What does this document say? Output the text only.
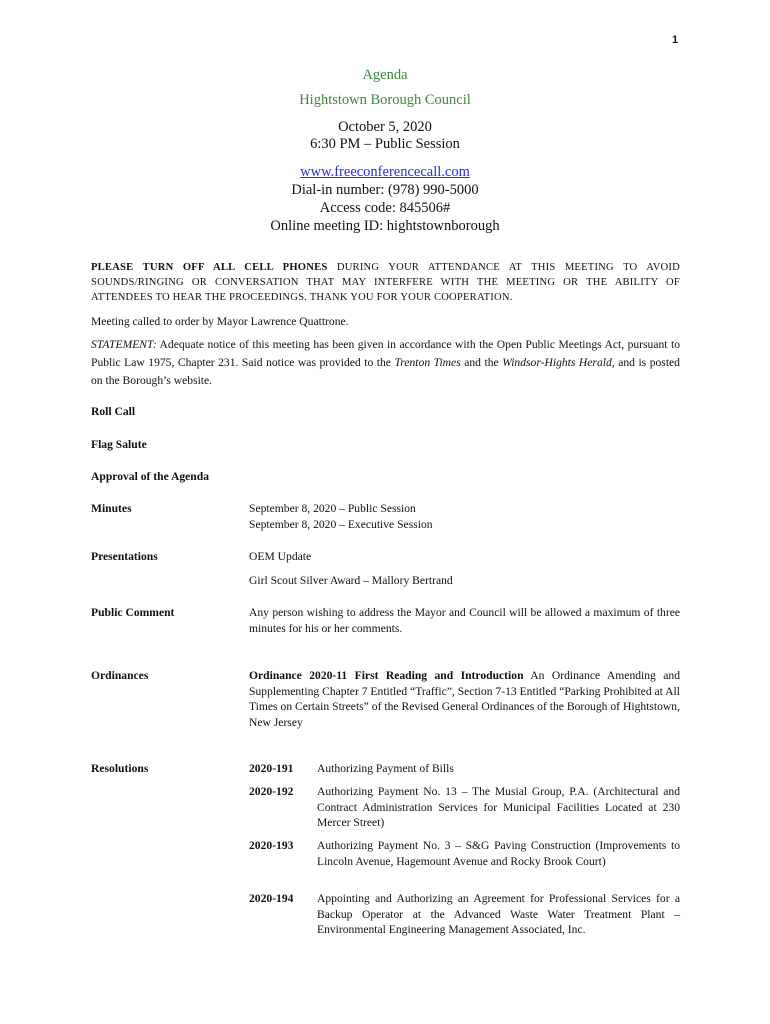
1
Agenda
Hightstown Borough Council
October 5, 2020
6:30 PM – Public Session
www.freeconferencecall.com
Dial-in number: (978) 990-5000
Access code: 845506#
Online meeting ID: hightstownborough
PLEASE TURN OFF ALL CELL PHONES DURING YOUR ATTENDANCE AT THIS MEETING TO AVOID SOUNDS/RINGING OR CONVERSATION THAT MAY INTERFERE WITH THE MEETING OR THE ABILITY OF ATTENDEES TO HEAR THE PROCEEDINGS. THANK YOU FOR YOUR COOPERATION.
Meeting called to order by Mayor Lawrence Quattrone.
STATEMENT: Adequate notice of this meeting has been given in accordance with the Open Public Meetings Act, pursuant to Public Law 1975, Chapter 231. Said notice was provided to the Trenton Times and the Windsor-Hights Herald, and is posted on the Borough’s website.
Roll Call
Flag Salute
Approval of the Agenda
Minutes	September 8, 2020 – Public Session
September 8, 2020 – Executive Session
Presentations	OEM Update
Girl Scout Silver Award – Mallory Bertrand
Public Comment	Any person wishing to address the Mayor and Council will be allowed a maximum of three minutes for his or her comments.
Ordinances	Ordinance 2020-11 First Reading and Introduction An Ordinance Amending and Supplementing Chapter 7 Entitled “Traffic”, Section 7-13 Entitled “Parking Prohibited at All Times on Certain Streets” of the Revised General Ordinances of the Borough of Hightstown, New Jersey
Resolutions	2020-191 Authorizing Payment of Bills
2020-192 Authorizing Payment No. 13 – The Musial Group, P.A. (Architectural and Contract Administration Services for Municipal Facilities Located at 230 Mercer Street)
2020-193 Authorizing Payment No. 3 – S&G Paving Construction (Improvements to Lincoln Avenue, Hagemount Avenue and Rocky Brook Court)
2020-194 Appointing and Authorizing an Agreement for Professional Services for a Backup Operator at the Advanced Waste Water Treatment Plant – Environmental Engineering Management Associated, Inc.
